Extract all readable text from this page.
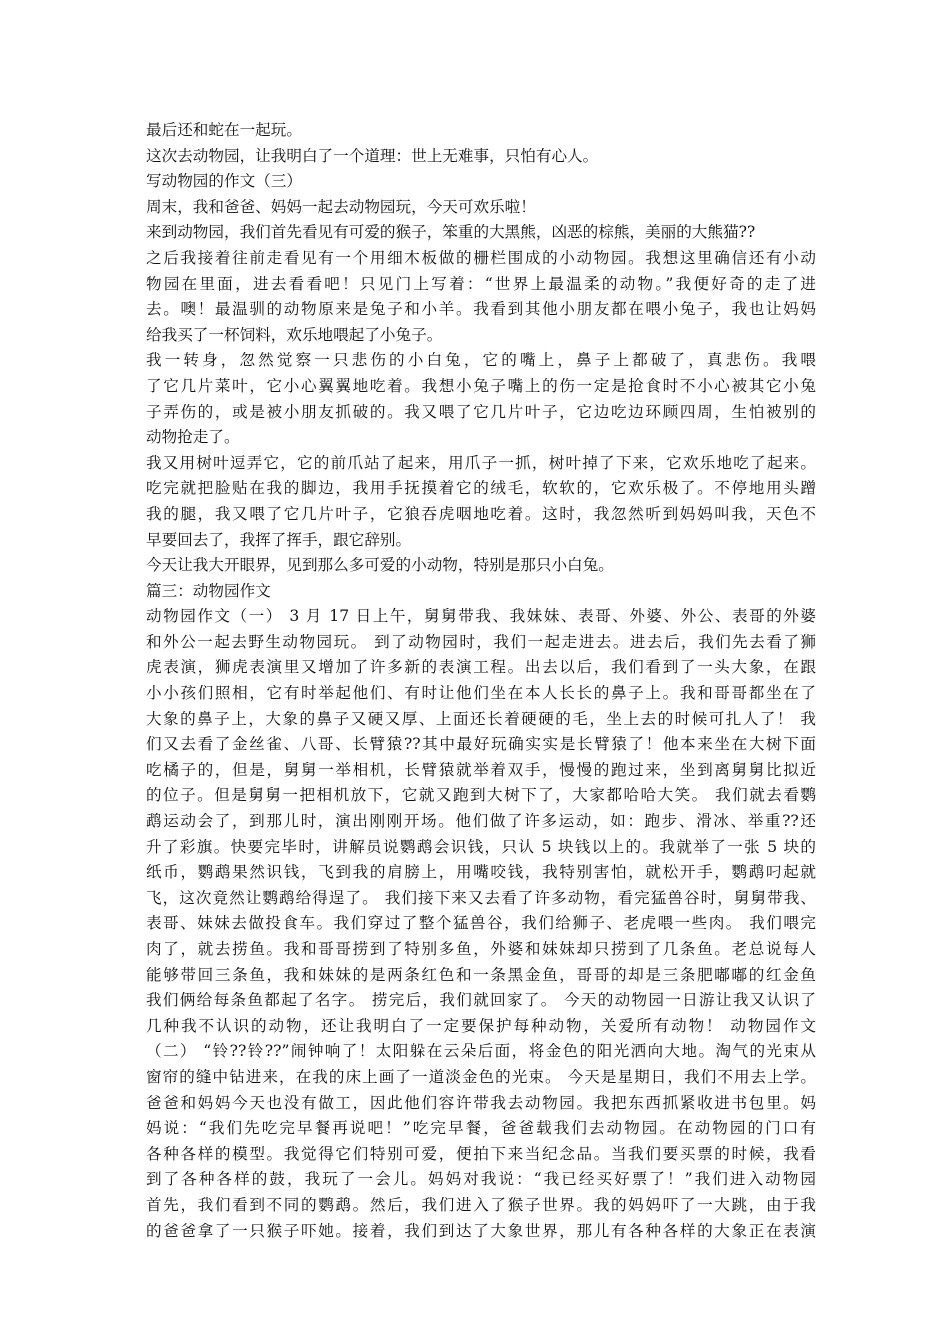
最后还和蛇在一起玩。
这次去动物园，让我明白了一个道理：世上无难事，只怕有心人。
写动物园的作文（三）
周末，我和爸爸、妈妈一起去动物园玩，今天可欢乐啦！
来到动物园，我们首先看见有可爱的猴子，笨重的大黑熊，凶恶的棕熊，美丽的大熊猫??
之后我接着往前走看见有一个用细木板做的栅栏围成的小动物园。我想这里确信还有小动
物园在里面，进去看看吧！只见门上写着：“世界上最温柔的动物。”我便好奇的走了进
去。噢！最温驯的动物原来是兔子和小羊。我看到其他小朋友都在喂小兔子，我也让妈妈
给我买了一杯饲料，欢乐地喂起了小兔子。
我一转身，忽然觉察一只悲伤的小白兔，它的嘴上，鼻子上都破了，真悲伤。我喂
了它几片菜叶，它小心翼翼地吃着。我想小兔子嘴上的伤一定是抢食时不小心被其它小兔
子弄伤的，或是被小朋友抓破的。我又喂了它几片叶子，它边吃边环顾四周，生怕被别的
动物抢走了。
我又用树叶逗弄它，它的前爪站了起来，用爪子一抓，树叶掉了下来，它欢乐地吃了起来。
吃完就把脸贴在我的脚边，我用手抚摸着它的绒毛，软软的，它欢乐极了。不停地用头蹭
我的腿，我又喂了它几片叶子，它狼吞虎咽地吃着。这时，我忽然听到妈妈叫我，天色不
早要回去了，我挥了挥手，跟它辞别。
今天让我大开眼界，见到那么多可爱的小动物，特别是那只小白兔。
篇三：动物园作文
动物园作文（一） 3 月 17 日上午，舅舅带我、我妹妹、表哥、外婆、外公、表哥的外婆
和外公一起去野生动物园玩。 到了动物园时，我们一起走进去。进去后，我们先去看了狮
虎表演，狮虎表演里又增加了许多新的表演工程。出去以后，我们看到了一头大象，在跟
小小孩们照相，它有时举起他们、有时让他们坐在本人长长的鼻子上。我和哥哥都坐在了
大象的鼻子上，大象的鼻子又硬又厚、上面还长着硬硬的毛，坐上去的时候可扎人了！ 我
们又去看了金丝雀、八哥、长臂猿??其中最好玩确实实是长臂猿了！他本来坐在大树下面
吃橘子的，但是，舅舅一举相机，长臂猿就举着双手，慢慢的跑过来，坐到离舅舅比拟近
的位子。但是舅舅一把相机放下，它就又跑到大树下了，大家都哈哈大笑。 我们就去看鹦
鹉运动会了，到那儿时，演出刚刚开场。他们做了许多运动，如：跑步、滑冰、举重??还
升了彩旗。快要完毕时，讲解员说鹦鹉会识钱，只认 5 块钱以上的。我就举了一张 5 块的
纸币，鹦鹉果然识钱，飞到我的肩膀上，用嘴咬钱，我特别害怕，就松开手，鹦鹉叼起就
飞，这次竟然让鹦鹉给得逞了。 我们接下来又去看了许多动物，看完猛兽谷时，舅舅带我、
表哥、妹妹去做投食车。我们穿过了整个猛兽谷，我们给狮子、老虎喂一些肉。 我们喂完
肉了，就去捞鱼。我和哥哥捞到了特别多鱼，外婆和妹妹却只捞到了几条鱼。老总说每人
能够带回三条鱼，我和妹妹的是两条红色和一条黑金鱼，哥哥的却是三条肥嘟嘟的红金鱼
我们俩给每条鱼都起了名字。 捞完后，我们就回家了。 今天的动物园一日游让我又认识了
几种我不认识的动物，还让我明白了一定要保护每种动物，关爱所有动物！ 动物园作文
（二） “铃??铃??”闹钟响了！太阳躲在云朵后面，将金色的阳光洒向大地。淘气的光束从
窗帘的缝中钻进来，在我的床上画了一道淡金色的光束。 今天是星期日，我们不用去上学。
爸爸和妈妈今天也没有做工，因此他们容许带我去动物园。我把东西抓紧收进书包里。妈
妈说：“我们先吃完早餐再说吧！”吃完早餐，爸爸载我们去动物园。在动物园的门口有
各种各样的模型。我觉得它们特别可爱，便拍下来当纪念品。当我们要买票的时候，我看
到了各种各样的鼓，我玩了一会儿。妈妈对我说：“我已经买好票了！”我们进入动物园
首先，我们看到不同的鹦鹉。然后，我们进入了猴子世界。我的妈妈吓了一大跳，由于我
的爸爸拿了一只猴子吓她。接着，我们到达了大象世界，那儿有各种各样的大象正在表演
